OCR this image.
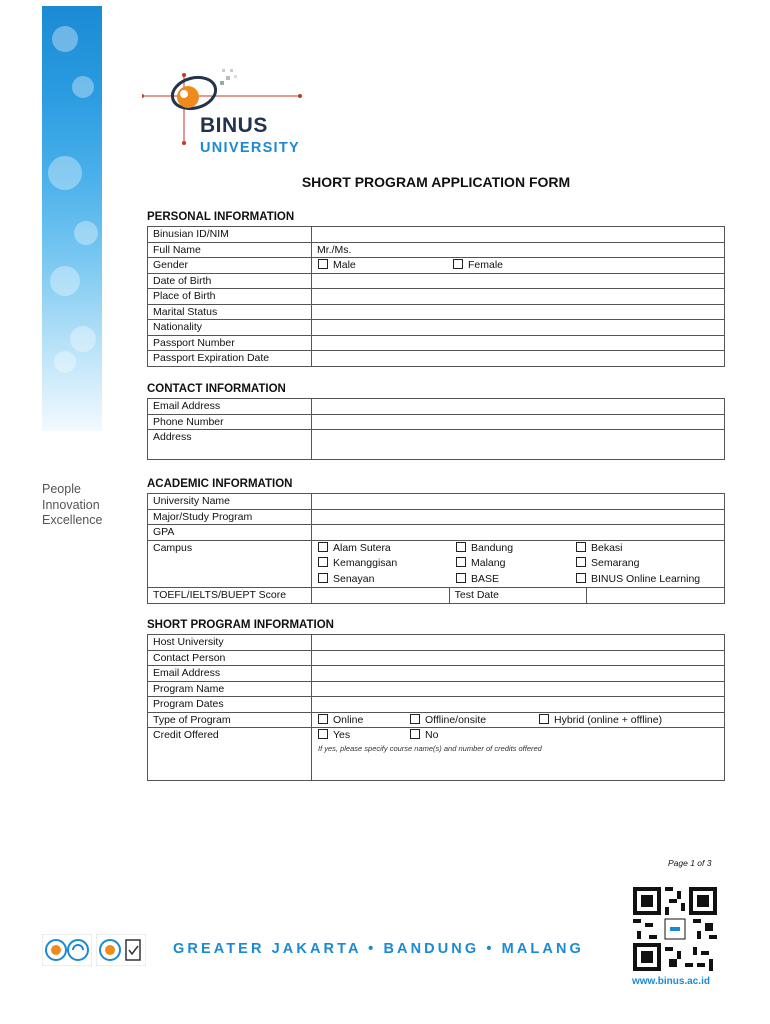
People
Innovation
Excellence
BINUS
UNIVERSITY
SHORT PROGRAM APPLICATION FORM
PERSONAL INFORMATION
Binusian ID/NIM	
Full Name	Mr./Ms.
Gender	Male Female
Date of Birth	
Place of Birth	
Marital Status	
Nationality	
Passport Number	
Passport Expiration Date	
CONTACT INFORMATION
Email Address	
Phone Number	
Address	
ACADEMIC INFORMATION
University Name			
Major/Study Program			
GPA			
Campus	Alam Sutera Bandung Bekasi
Kemanggisan Malang Semarang
Senayan BASE BINUS Online Learning		

TOEFL/IELTS/BUEPT Score		Test Date	
SHORT PROGRAM INFORMATION
Host University	
Contact Person	
Email Address	
Program Name	
Program Dates	
Type of Program	Online Offline/onsite Hybrid (online + offline)
Credit Offered	Yes No
If yes, please specify course name(s) and number of credits offered
Page 1 of 3
GREATER JAKARTA • BANDUNG • MALANG
www.binus.ac.id
